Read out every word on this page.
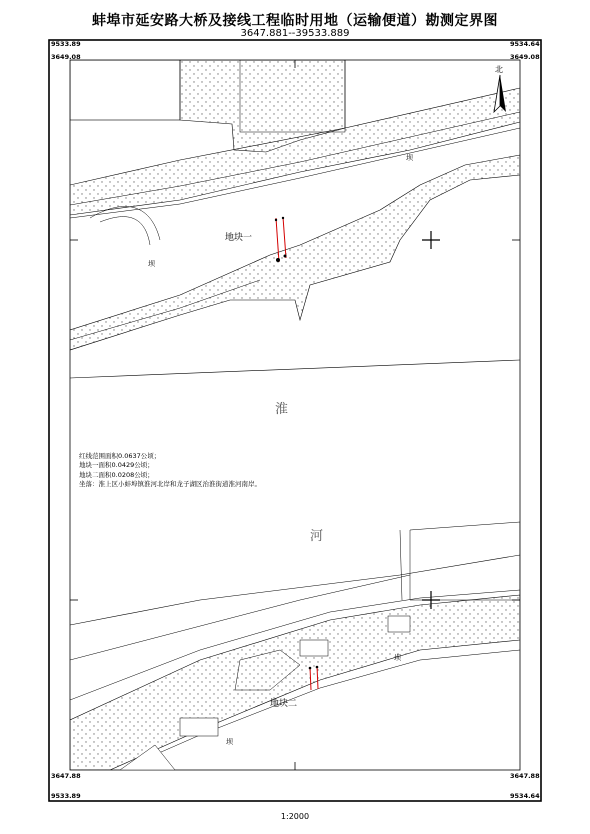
蚌埠市延安路大桥及接线工程临时用地（运输便道）勘测定界图
3647.881--39533.889
北
坝
坝
坝
坝
9533.89
3649.08
9534.64
3649.08
3647.88
9533.89
3647.88
9534.64
淮
河
地块一
地块二
红线范围面积0.0637公顷；
地块一面积0.0429公顷；
地块二面积0.0208公顷；
坐落：淮上区小蚌埠镇淮河北岸和龙子湖区治淮街道淮河南岸。
1:2000
